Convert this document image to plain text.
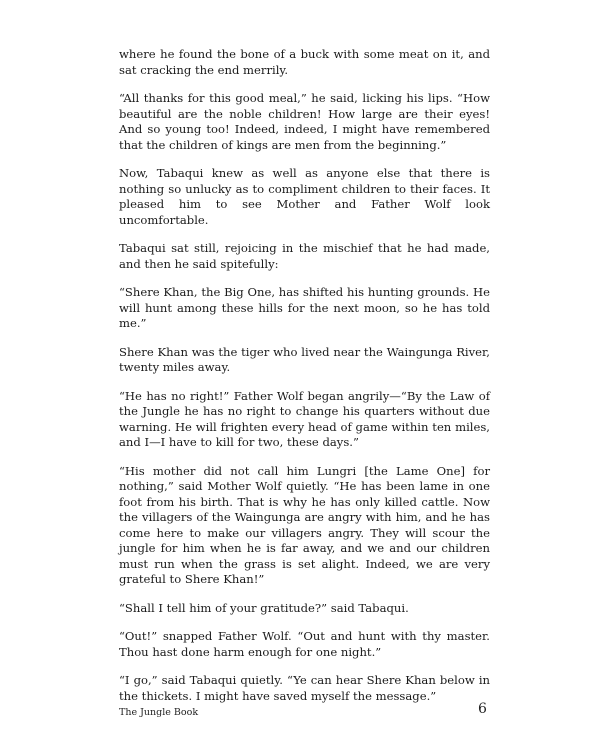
where he found the bone of a buck with some meat on it, and sat cracking the end merrily.

“All thanks for this good meal,” he said, licking his lips. “How beautiful are the noble children! How large are their eyes! And so young too! Indeed, indeed, I might have remembered that the children of kings are men from the beginning.”

Now, Tabaqui knew as well as anyone else that there is nothing so unlucky as to compliment children to their faces. It pleased him to see Mother and Father Wolf look uncomfortable.

Tabaqui sat still, rejoicing in the mischief that he had made, and then he said spitefully:

“Shere Khan, the Big One, has shifted his hunting grounds. He will hunt among these hills for the next moon, so he has told me.”

Shere Khan was the tiger who lived near the Waingunga River, twenty miles away.

“He has no right!” Father Wolf began angrily—“By the Law of the Jungle he has no right to change his quarters without due warning. He will frighten every head of game within ten miles, and I—I have to kill for two, these days.”

“His mother did not call him Lungri [the Lame One] for nothing,” said Mother Wolf quietly. “He has been lame in one foot from his birth. That is why he has only killed cattle. Now the villagers of the Waingunga are angry with him, and he has come here to make our villagers angry. They will scour the jungle for him when he is far away, and we and our children must run when the grass is set alight. Indeed, we are very grateful to Shere Khan!”

“Shall I tell him of your gratitude?” said Tabaqui.

“Out!” snapped Father Wolf. “Out and hunt with thy master. Thou hast done harm enough for one night.”

“I go,” said Tabaqui quietly. “Ye can hear Shere Khan below in the thickets. I might have saved myself the message.”

The Jungle Book	6
